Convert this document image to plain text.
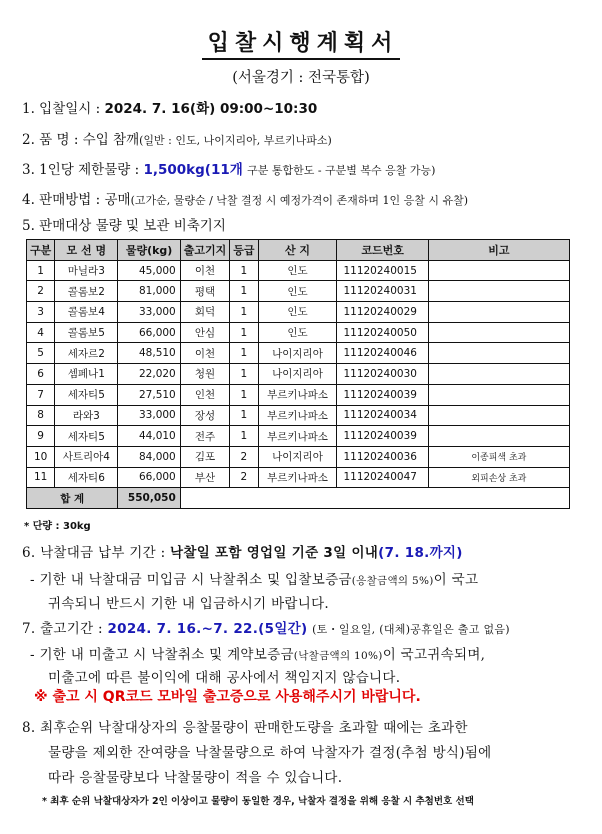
입찰시행계획서
(서울경기 : 전국통합)
1. 입찰일시 : 2024. 7. 16(화) 09:00~10:30
2. 품 명 : 수입 참깨(일반 : 인도, 나이지리아, 부르키나파소)
3. 1인당 제한물량 : 1,500kg(11개 구분 통합한도 - 구분별 복수 응찰 가능)
4. 판매방법 : 공매(고가순, 물량순 / 낙찰 결정 시 예정가격이 존재하며 1인 응찰 시 유찰)
5. 판매대상 물량 및 보관 비축기지
구분	모 선 명	물량(kg)	출고기지	등급	산 지	코드번호	비고
1	마닐라3	45,000	이천	1	인도	11120240015	
2	콜롬보2	81,000	평택	1	인도	11120240031	
3	콜롬보4	33,000	회덕	1	인도	11120240029	
4	콜롬보5	66,000	안심	1	인도	11120240050	
5	세자르2	48,510	이천	1	나이지리아	11120240046	
6	셈페나1	22,020	청원	1	나이지리아	11120240030	
7	세자티5	27,510	인천	1	부르키나파소	11120240039	
8	라와3	33,000	장성	1	부르키나파소	11120240034	
9	세자티5	44,010	전주	1	부르키나파소	11120240039	
10	사트리아4	84,000	김포	2	나이지리아	11120240036	이종피색 초과
11	세자티6	66,000	부산	2	부르키나파소	11120240047	외피손상 초과
합 계		550,050					
* 단량 : 30kg
6. 낙찰대금 납부 기간 : 낙찰일 포함 영업일 기준 3일 이내(7. 18.까지)
- 기한 내 낙찰대금 미입금 시 낙찰취소 및 입찰보증금(응찰금액의 5%)이 국고
귀속되니 반드시 기한 내 입금하시기 바랍니다.
7. 출고기간 : 2024. 7. 16.~7. 22.(5일간) (토・일요일, (대체)공휴일은 출고 없음)
- 기한 내 미출고 시 낙찰취소 및 계약보증금(낙찰금액의 10%)이 국고귀속되며,
미출고에 따른 불이익에 대해 공사에서 책임지지 않습니다.
※ 출고 시 QR코드 모바일 출고증으로 사용해주시기 바랍니다.
8. 최후순위 낙찰대상자의 응찰물량이 판매한도량을 초과할 때에는 초과한
물량을 제외한 잔여량을 낙찰물량으로 하여 낙찰자가 결정(추첨 방식)됨에
따라 응찰물량보다 낙찰물량이 적을 수 있습니다.
* 최후 순위 낙찰대상자가 2인 이상이고 물량이 동일한 경우, 낙찰자 결정을 위해 응찰 시 추첨번호 선택
